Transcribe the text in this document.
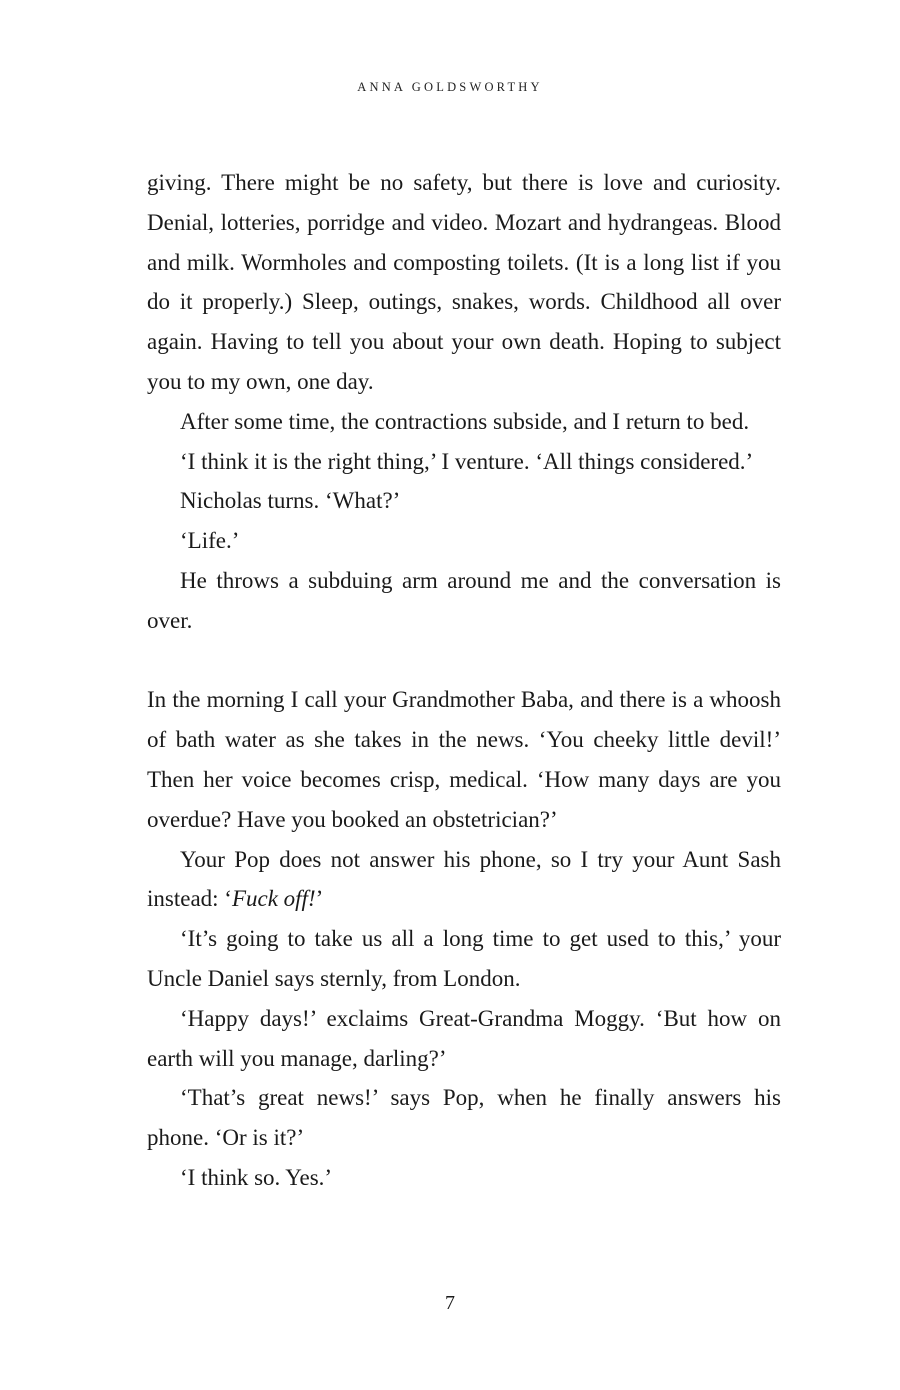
ANNA GOLDSWORTHY

giving. There might be no safety, but there is love and curiosity. Denial, lotteries, porridge and video. Mozart and hydrangeas. Blood and milk. Wormholes and composting toilets. (It is a long list if you do it properly.) Sleep, outings, snakes, words. Childhood all over again. Having to tell you about your own death. Hoping to subject you to my own, one day.

After some time, the contractions subside, and I return to bed.

‘I think it is the right thing,’ I venture. ‘All things considered.’

Nicholas turns. ‘What?’

‘Life.’

He throws a subduing arm around me and the conversation is over.

In the morning I call your Grandmother Baba, and there is a whoosh of bath water as she takes in the news. ‘You cheeky little devil!’ Then her voice becomes crisp, medical. ‘How many days are you overdue? Have you booked an obstetrician?’

Your Pop does not answer his phone, so I try your Aunt Sash instead: ‘Fuck off!’

‘It’s going to take us all a long time to get used to this,’ your Uncle Daniel says sternly, from London.

‘Happy days!’ exclaims Great-Grandma Moggy. ‘But how on earth will you manage, darling?’

‘That’s great news!’ says Pop, when he finally answers his phone. ‘Or is it?’

‘I think so. Yes.’

7
